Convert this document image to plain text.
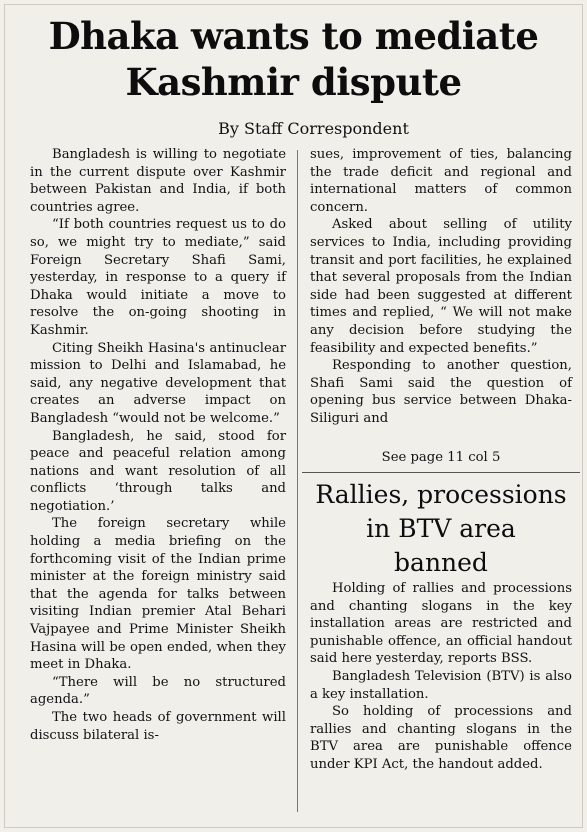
Dhaka wants to mediate
Kashmir dispute
By Staff Correspondent

Bangladesh is willing to negotiate in the current dispute over Kashmir between Pakistan and India, if both countries agree.

“If both countries request us to do so, we might try to mediate,” said Foreign Secretary Shafi Sami, yesterday, in response to a query if Dhaka would initiate a move to resolve the on-going shooting in Kashmir.

Citing Sheikh Hasina's antinuclear mission to Delhi and Islamabad, he said, any negative development that creates an adverse impact on Bangladesh “would not be welcome.”

Bangladesh, he said, stood for peace and peaceful relation among nations and want resolution of all conflicts ‘through talks and negotiation.’

The foreign secretary while holding a media briefing on the forthcoming visit of the Indian prime minister at the foreign ministry said that the agenda for talks between visiting Indian premier Atal Behari Vajpayee and Prime Minister Sheikh Hasina will be open ended, when they meet in Dhaka.

“There will be no structured agenda.”

The two heads of government will discuss bilateral is-

sues, improvement of ties, balancing the trade deficit and regional and international matters of common concern.

Asked about selling of utility services to India, including providing transit and port facilities, he explained that several proposals from the Indian side had been suggested at different times and replied, “ We will not make any decision before studying the feasibility and expected benefits.”

Responding to another question, Shafi Sami said the question of opening bus service between Dhaka-Siliguri and

See page 11 col 5
Rallies, processions
in BTV area
banned

Holding of rallies and processions and chanting slogans in the key installation areas are restricted and punishable offence, an official handout said here yesterday, reports BSS.

Bangladesh Television (BTV) is also a key installation.

So holding of processions and rallies and chanting slogans in the BTV area are punishable offence under KPI Act, the handout added.
